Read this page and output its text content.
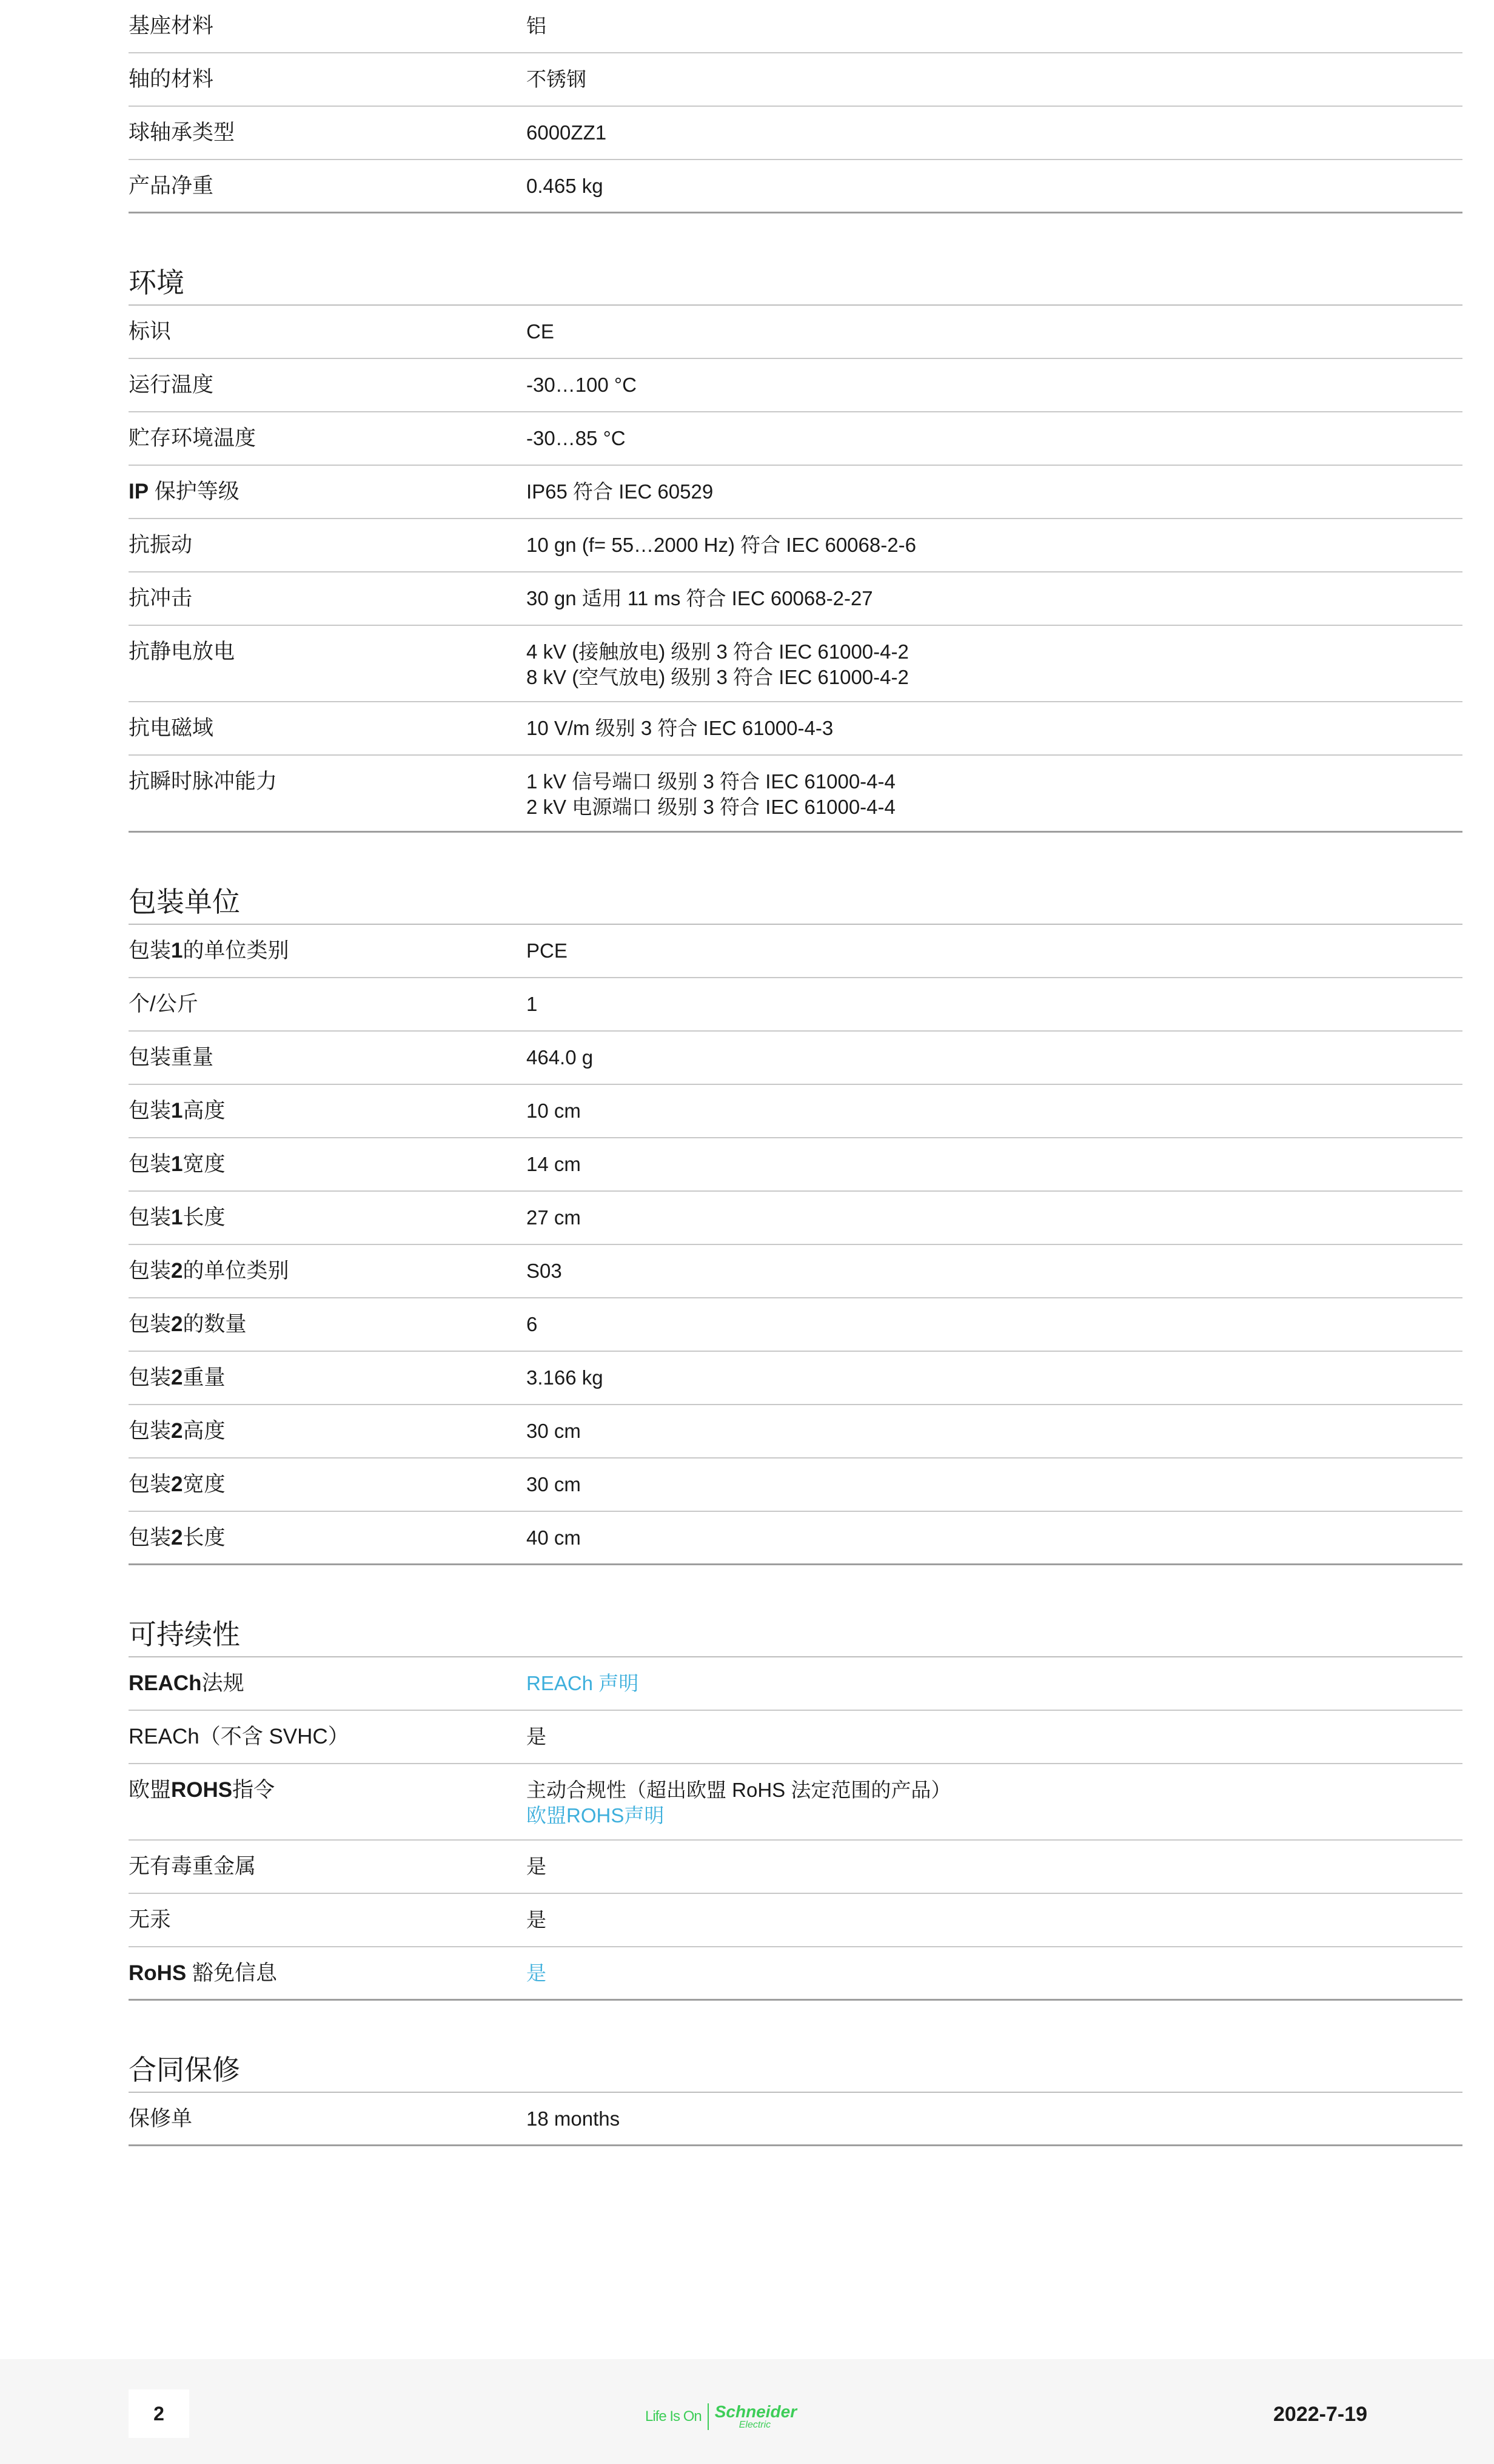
基座材料	铝
轴的材料	不锈钢
球轴承类型	6000ZZ1
产品净重	0.465 kg
环境
标识	CE
运行温度	-30…100 °C
贮存环境温度	-30…85 °C
IP 保护等级	IP65 符合 IEC 60529
抗振动	10 gn (f= 55…2000 Hz) 符合 IEC 60068-2-6
抗冲击	30 gn 适用 11 ms 符合 IEC 60068-2-27
抗静电放电	4 kV (接触放电) 级别 3 符合 IEC 61000-4-2
8 kV (空气放电) 级别 3 符合 IEC 61000-4-2
抗电磁域	10 V/m 级别 3 符合 IEC 61000-4-3
抗瞬时脉冲能力	1 kV 信号端口 级别 3 符合 IEC 61000-4-4
2 kV 电源端口 级别 3 符合 IEC 61000-4-4
包装单位
包装1的单位类别	PCE
个/公斤	1
包装重量	464.0 g
包装1高度	10 cm
包装1宽度	14 cm
包装1长度	27 cm
包装2的单位类别	S03
包装2的数量	6
包装2重量	3.166 kg
包装2高度	30 cm
包装2宽度	30 cm
包装2长度	40 cm
可持续性
REACh法规	REACh 声明
REACh（不含 SVHC）	是
欧盟ROHS指令	主动合规性（超出欧盟 RoHS 法定范围的产品）
欧盟ROHS声明
无有毒重金属	是
无汞	是
RoHS 豁免信息	是
合同保修
保修单	18 months
2	Life Is On Schneider
Electric	2022-7-19
